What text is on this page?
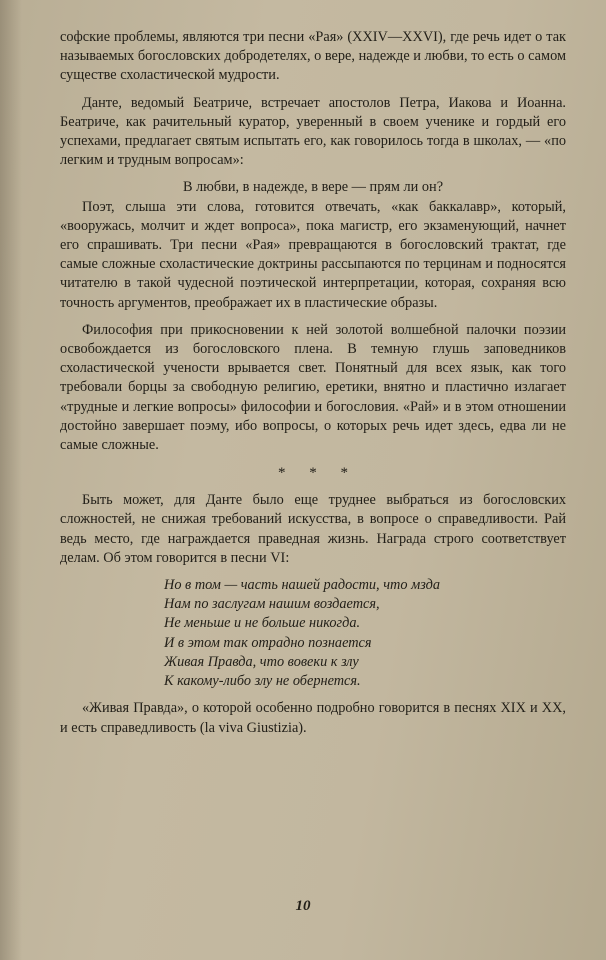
софские проблемы, являются три песни «Рая» (XXIV—XXVI), где речь идет о так называемых богословских добродетелях, о вере, надежде и любви, то есть о самом существе схоластической мудрости.

Данте, ведомый Беатриче, встречает апостолов Петра, Иакова и Иоанна. Беатриче, как рачительный куратор, уверенный в своем ученике и гордый его успехами, предлагает святым испытать его, как говорилось тогда в школах, — «по легким и трудным вопросам»:

В любви, в надежде, в вере — прям ли он?

Поэт, слыша эти слова, готовится отвечать, «как баккалавр», который, «вооружась, молчит и ждет вопроса», пока магистр, его экзаменующий, начнет его спрашивать. Три песни «Рая» превращаются в богословский трактат, где самые сложные схоластические доктрины рассыпаются по терцинам и подносятся читателю в такой чудесной поэтической интерпретации, которая, сохраняя всю точность аргументов, преображает их в пластические образы.

Философия при прикосновении к ней золотой волшебной палочки поэзии освобождается из богословского плена. В темную глушь заповедников схоластической учености врывается свет. Понятный для всех язык, как того требовали борцы за свободную религию, еретики, внятно и пластично излагает «трудные и легкие вопросы» философии и богословия. «Рай» и в этом отношении достойно завершает поэму, ибо вопросы, о которых речь идет здесь, едва ли не самые сложные.

* * *

Быть может, для Данте было еще труднее выбраться из богословских сложностей, не снижая требований искусства, в вопросе о справедливости. Рай ведь место, где награждается праведная жизнь. Награда строго соответствует делам. Об этом говорится в песни VI:

Но в том — часть нашей радости, что мзда
Нам по заслугам нашим воздается,
Не меньше и не больше никогда.
И в этом так отрадно познается
Живая Правда, что вовеки к злу
К какому-либо злу не обернется.

«Живая Правда», о которой особенно подробно говорится в песнях XIX и XX, и есть справедливость (la viva Giustizia).

10
